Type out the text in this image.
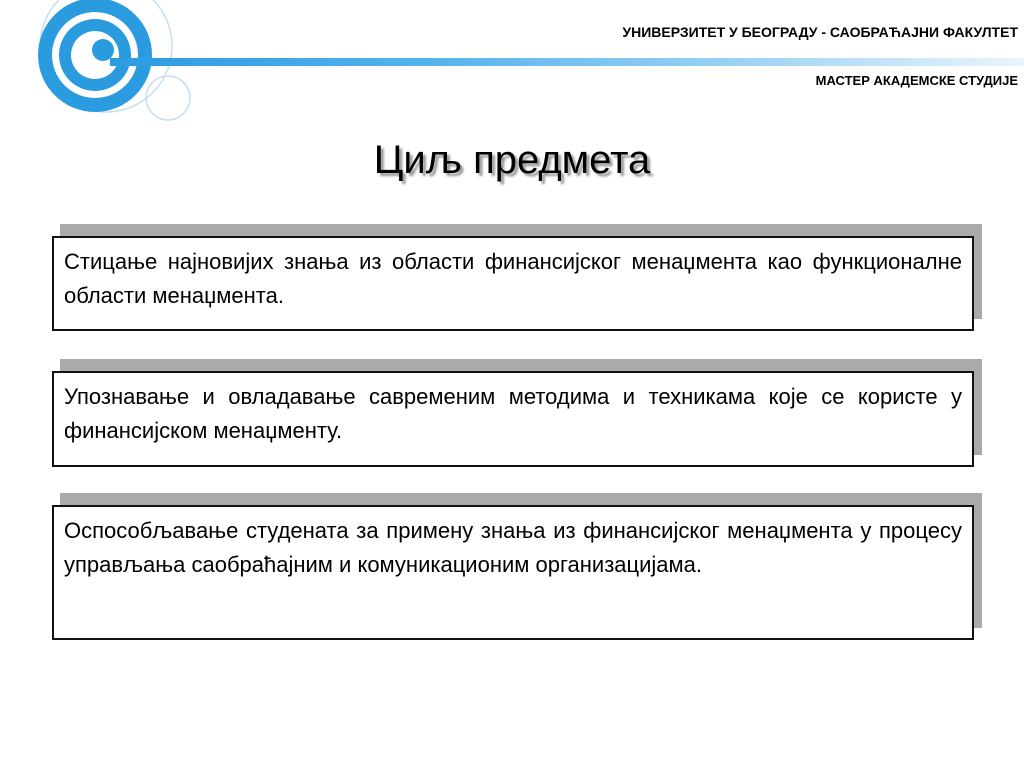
УНИВЕРЗИТЕТ У БЕОГРАДУ - САОБРАЋАЈНИ ФАКУЛТЕТ
МАСТЕР АКАДЕМСКЕ СТУДИЈЕ
Циљ предмета
Стицање најновијих знања из области финансијског менаџмента као функционалне области менаџмента.
Упознавање и овладавање савременим методима и техникама које се користе у финансијском менаџменту.
Оспособљавање студената за примену знања из финансијског менаџмента у процесу управљања саобраћајним и комуникационим организацијама.
